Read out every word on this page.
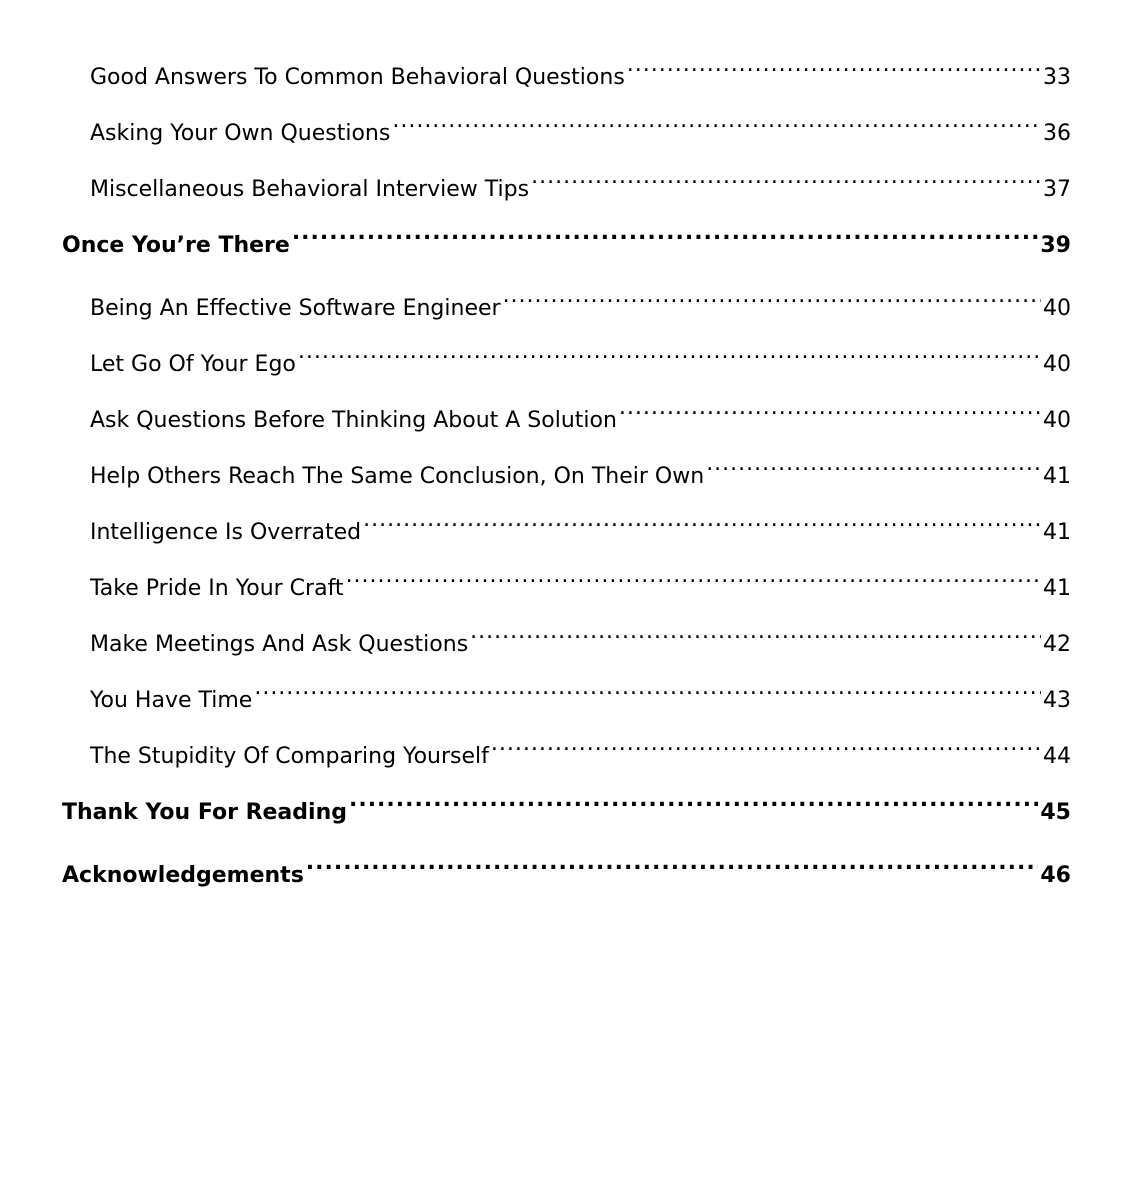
Good Answers To Common Behavioral Questions .....	33
Asking Your Own Questions .....	36
Miscellaneous Behavioral Interview Tips .....	37
Once You’re There .....	39
Being An Effective Software Engineer .....	40
Let Go Of Your Ego .....	40
Ask Questions Before Thinking About A Solution .....	40
Help Others Reach The Same Conclusion, On Their Own .....	41
Intelligence Is Overrated .....	41
Take Pride In Your Craft .....	41
Make Meetings And Ask Questions .....	42
You Have Time .....	43
The Stupidity Of Comparing Yourself .....	44
Thank You For Reading .....	45
Acknowledgements .....	46
